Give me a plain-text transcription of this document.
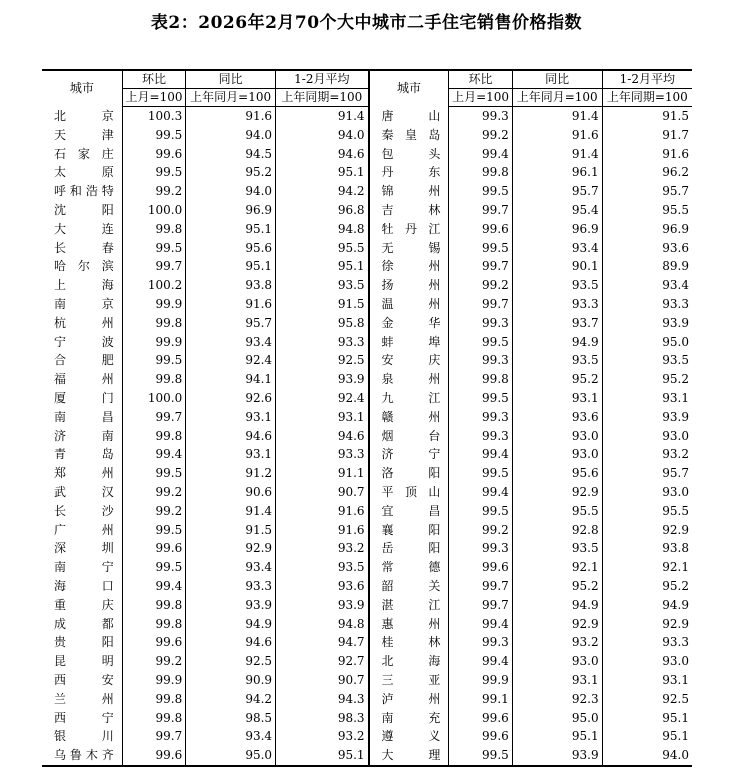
表2：2026年2月70个大中城市二手住宅销售价格指数
城市	环比	同比	1-2月平均	城市	环比	同比	1-2月平均
	上月=100	上年同月=100	上年同期=100		上月=100	上年同月=100	上年同期=100
北京	100.3	91.6	91.4	唐山	99.3	91.4	91.5
天津	99.5	94.0	94.0	秦皇岛	99.2	91.6	91.7
石家庄	99.6	94.5	94.6	包头	99.4	91.4	91.6
太原	99.5	95.2	95.1	丹东	99.8	96.1	96.2
呼和浩特	99.2	94.0	94.2	锦州	99.5	95.7	95.7
沈阳	100.0	96.9	96.8	吉林	99.7	95.4	95.5
大连	99.8	95.1	94.8	牡丹江	99.6	96.9	96.9
长春	99.5	95.6	95.5	无锡	99.5	93.4	93.6
哈尔滨	99.7	95.1	95.1	徐州	99.7	90.1	89.9
上海	100.2	93.8	93.5	扬州	99.2	93.5	93.4
南京	99.9	91.6	91.5	温州	99.7	93.3	93.3
杭州	99.8	95.7	95.8	金华	99.3	93.7	93.9
宁波	99.9	93.4	93.3	蚌埠	99.5	94.9	95.0
合肥	99.5	92.4	92.5	安庆	99.3	93.5	93.5
福州	99.8	94.1	93.9	泉州	99.8	95.2	95.2
厦门	100.0	92.6	92.4	九江	99.5	93.1	93.1
南昌	99.7	93.1	93.1	赣州	99.3	93.6	93.9
济南	99.8	94.6	94.6	烟台	99.3	93.0	93.0
青岛	99.4	93.1	93.3	济宁	99.4	93.0	93.2
郑州	99.5	91.2	91.1	洛阳	99.5	95.6	95.7
武汉	99.2	90.6	90.7	平顶山	99.4	92.9	93.0
长沙	99.2	91.4	91.6	宜昌	99.5	95.5	95.5
广州	99.5	91.5	91.6	襄阳	99.2	92.8	92.9
深圳	99.6	92.9	93.2	岳阳	99.3	93.5	93.8
南宁	99.5	93.4	93.5	常德	99.6	92.1	92.1
海口	99.4	93.3	93.6	韶关	99.7	95.2	95.2
重庆	99.8	93.9	93.9	湛江	99.7	94.9	94.9
成都	99.8	94.9	94.8	惠州	99.4	92.9	92.9
贵阳	99.6	94.6	94.7	桂林	99.3	93.2	93.3
昆明	99.2	92.5	92.7	北海	99.4	93.0	93.0
西安	99.9	90.9	90.7	三亚	99.9	93.1	93.1
兰州	99.8	94.2	94.3	泸州	99.1	92.3	92.5
西宁	99.8	98.5	98.3	南充	99.6	95.0	95.1
银川	99.7	93.4	93.2	遵义	99.6	95.1	95.1
乌鲁木齐	99.6	95.0	95.1	大理	99.5	93.9	94.0
